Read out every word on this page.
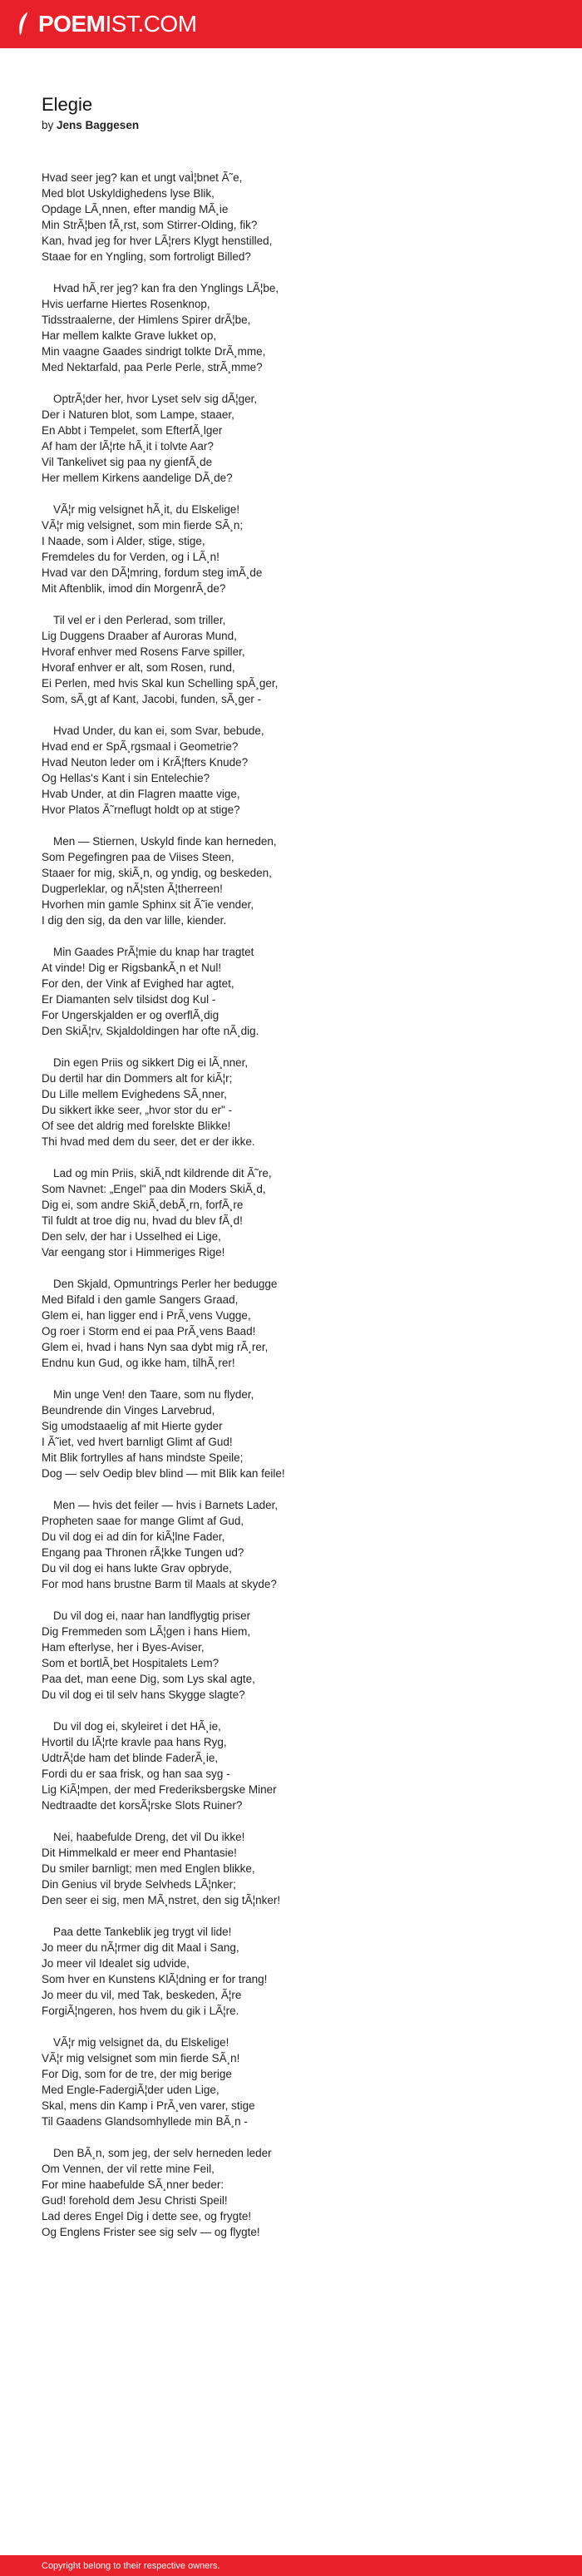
POEMIST.COM
Elegie
by Jens Baggesen
Hvad seer jeg? kan et ungt vaÌ¦bnet Ã˜e,
Med blot Uskyldighedens lyse Blik,
Opdage LÃ¸nnen, efter mandig MÃ¸ie
Min StrÃ¦ben fÃ¸rst, som Stirrer-Olding, fik?
Kan, hvad jeg for hver LÃ¦rers Klygt henstilled,
Staae for en Yngling, som fortroligt Billed?
Hvad hÃ¸rer jeg? kan fra den Ynglings LÃ¦be,
Hvis uerfarne Hiertes Rosenknop,
Tidsstraalerne, der Himlens Spirer drÃ¦be,
Har mellem kalkte Grave lukket op,
Min vaagne Gaades sindrigt tolkte DrÃ¸mme,
Med Nektarfald, paa Perle Perle, strÃ¸mme?
OptrÃ¦der her, hvor Lyset selv sig dÃ¦ger,
Der i Naturen blot, som Lampe, staaer,
En Abbt i Tempelet, som EfterfÃ¸lger
Af ham der lÃ¦rte hÃ¸it i tolvte Aar?
Vil Tankelivet sig paa ny gienfÃ¸de
Her mellem Kirkens aandelige DÃ¸de?
VÃ¦r mig velsignet hÃ¸it, du Elskelige!
VÃ¦r mig velsignet, som min fierde SÃ¸n;
I Naade, som i Alder, stige, stige,
Fremdeles du for Verden, og i LÃ¸n!
Hvad var den DÃ¦mring, fordum steg imÃ¸de
Mit Aftenblik, imod din MorgenrÃ¸de?
Til vel er i den Perlerad, som triller,
Lig Duggens Draaber af Auroras Mund,
Hvoraf enhver med Rosens Farve spiller,
Hvoraf enhver er alt, som Rosen, rund,
Ei Perlen, med hvis Skal kun Schelling spÃ¸ger,
Som, sÃ¸gt af Kant, Jacobi, funden, sÃ¸ger -
Hvad Under, du kan ei, som Svar, bebude,
Hvad end er SpÃ¸rgsmaal i Geometrie?
Hvad Neuton leder om i KrÃ¦fters Knude?
Og Hellas's Kant i sin Entelechie?
Hvab Under, at din Flagren maatte vige,
Hvor Platos Ã˜rneflugt holdt op at stige?
Men — Stiernen, Uskyld finde kan herneden,
Som Pegefingren paa de Viises Steen,
Staaer for mig, skiÃ¸n, og yndig, og beskeden,
Dugperleklar, og nÃ¦sten Ã¦therreen!
Hvorhen min gamle Sphinx sit Ã˜ie vender,
I dig den sig, da den var lille, kiender.
Min Gaades PrÃ¦mie du knap har tragtet
At vinde! Dig er RigsbankÃ¸n et Nul!
For den, der Vink af Evighed har agtet,
Er Diamanten selv tilsidst dog Kul -
For Ungerskjalden er og overflÃ¸dig
Den SkiÃ¦rv, Skjaldoldingen har ofte nÃ¸dig.
Din egen Priis og sikkert Dig ei lÃ¸nner,
Du dertil har din Dommers alt for kiÃ¦r;
Du Lille mellem Evighedens SÃ¸nner,
Du sikkert ikke seer, „hvor stor du er" -
Of see det aldrig med forelskte Blikke!
Thi hvad med dem du seer, det er der ikke.
Lad og min Priis, skiÃ¸ndt kildrende dit Ã˜re,
Som Navnet: „Engel" paa din Moders SkiÃ¸d,
Dig ei, som andre SkiÃ¸debÃ¸rn, forfÃ¸re
Til fuldt at troe dig nu, hvad du blev fÃ¸d!
Den selv, der har i Usselhed ei Lige,
Var eengang stor i Himmeriges Rige!
Den Skjald, Opmuntrings Perler her bedugge
Med Bifald i den gamle Sangers Graad,
Glem ei, han ligger end i PrÃ¸vens Vugge,
Og roer i Storm end ei paa PrÃ¸vens Baad!
Glem ei, hvad i hans Nyn saa dybt mig rÃ¸rer,
Endnu kun Gud, og ikke ham, tilhÃ¸rer!
Min unge Ven! den Taare, som nu flyder,
Beundrende din Vinges Larvebrud,
Sig umodstaaelig af mit Hierte gyder
I Ã˜iet, ved hvert barnligt Glimt af Gud!
Mit Blik fortrylles af hans mindste Speile;
Dog — selv Oedip blev blind — mit Blik kan feile!
Men — hvis det feiler — hvis i Barnets Lader,
Propheten saae for mange Glimt af Gud,
Du vil dog ei ad din for kiÃ¦lne Fader,
Engang paa Thronen rÃ¦kke Tungen ud?
Du vil dog ei hans lukte Grav opbryde,
For mod hans brustne Barm til Maals at skyde?
Du vil dog ei, naar han landflygtig priser
Dig Fremmeden som LÃ¦gen i hans Hiem,
Ham efterlyse, her i Byes-Aviser,
Som et bortlÃ¸bet Hospitalets Lem?
Paa det, man eene Dig, som Lys skal agte,
Du vil dog ei til selv hans Skygge slagte?
Du vil dog ei, skyleiret i det HÃ¸ie,
Hvortil du lÃ¦rte kravle paa hans Ryg,
UdtrÃ¦de ham det blinde FaderÃ¸ie,
Fordi du er saa frisk, og han saa syg -
Lig KiÃ¦mpen, der med Frederiksbergske Miner
Nedtraadte det korsÃ¦rske Slots Ruiner?
Nei, haabefulde Dreng, det vil Du ikke!
Dit Himmelkald er meer end Phantasie!
Du smiler barnligt; men med Englen blikke,
Din Genius vil bryde Selvheds LÃ¦nker;
Den seer ei sig, men MÃ¸nstret, den sig tÃ¦nker!
Paa dette Tankeblik jeg trygt vil lide!
Jo meer du nÃ¦rmer dig dit Maal i Sang,
Jo meer vil Idealet sig udvide,
Som hver en Kunstens KlÃ¦dning er for trang!
Jo meer du vil, med Tak, beskeden, Ã¦re
ForgiÃ¦ngeren, hos hvem du gik i LÃ¦re.
VÃ¦r mig velsignet da, du Elskelige!
VÃ¦r mig velsignet som min fierde SÃ¸n!
For Dig, som for de tre, der mig berige
Med Engle-FadergiÃ¦der uden Lige,
Skal, mens din Kamp i PrÃ¸ven varer, stige
Til Gaadens Glandsomhyllede min BÃ¸n -
Den BÃ¸n, som jeg, der selv herneden leder
Om Vennen, der vil rette mine Feil,
For mine haabefulde SÃ¸nner beder:
Gud! forehold dem Jesu Christi Speil!
Lad deres Engel Dig i dette see, og frygte!
Og Englens Frister see sig selv — og flygte!
Copyright belong to their respective owners.
